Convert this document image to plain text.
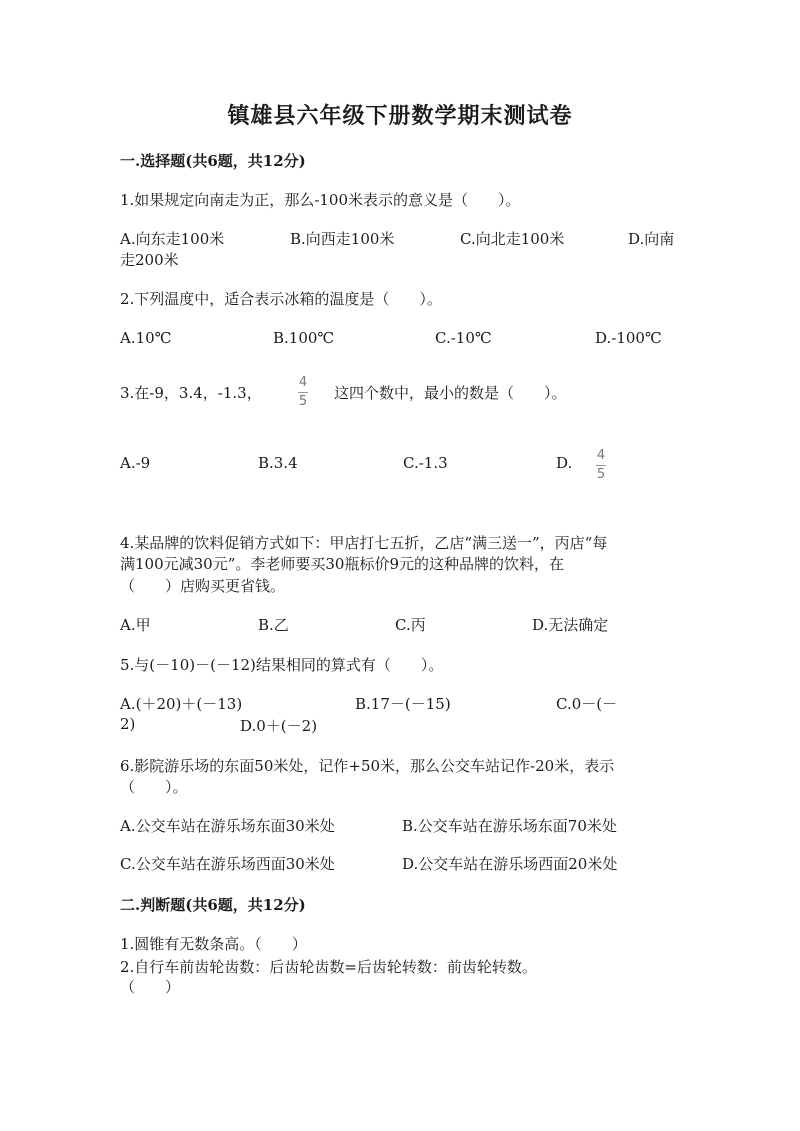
镇雄县六年级下册数学期末测试卷
一.选择题(共6题，共12分)
1.如果规定向南走为正，那么-100米表示的意义是（　　）。
A.向东走100米	B.向西走100米	C.向北走100米	D.向南
走200米
2.下列温度中，适合表示冰箱的温度是（　　）。
A.10℃	B.100℃	C.-10℃	D.-100℃
3.在-9，3.4，-1.3，
4
5 这四个数中，最小的数是（　　）。
A.-9	B.3.4	C.-1.3	D. 4
5
4.某品牌的饮料促销方式如下：甲店打七五折，乙店“满三送一”，丙店“每
满100元减30元”。李老师要买30瓶标价9元的这种品牌的饮料，在
（　　）店购买更省钱。
A.甲	B.乙	C.丙	D.无法确定
5.与(－10)－(－12)结果相同的算式有（　　）。
A.(＋20)＋(－13)	B.17－(－15)	C.0－(－
2)	D.0＋(－2)
6.影院游乐场的东面50米处，记作+50米，那么公交车站记作-20米，表示
（　　）。
A.公交车站在游乐场东面30米处	B.公交车站在游乐场东面70米处
C.公交车站在游乐场西面30米处	D.公交车站在游乐场西面20米处
二.判断题(共6题，共12分)
1.圆锥有无数条高。（　　）
2.自行车前齿轮齿数：后齿轮齿数=后齿轮转数：前齿轮转数。
（　　）
